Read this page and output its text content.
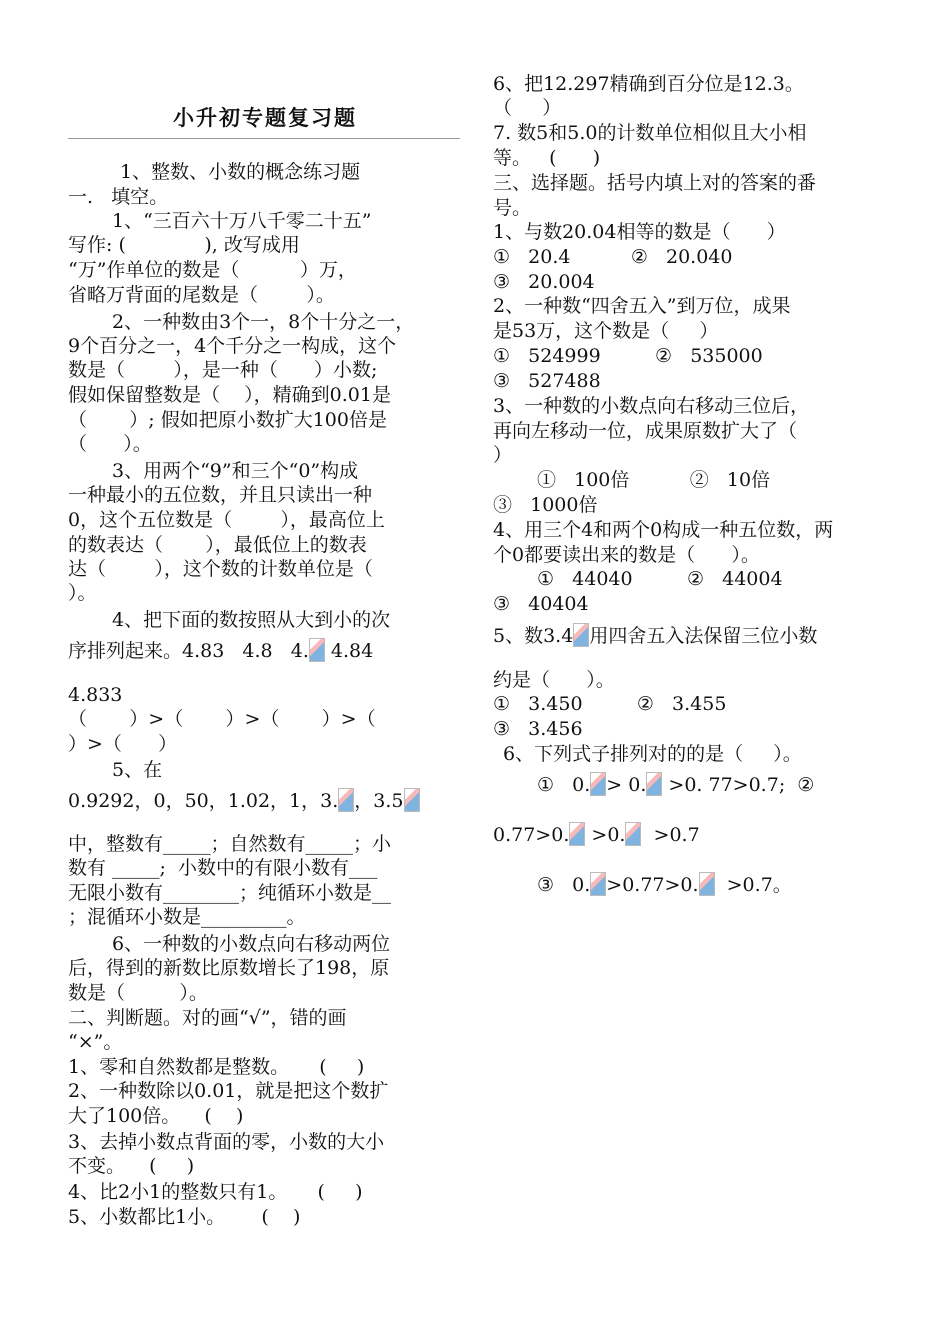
小升初专题复习题
1、整数、小数的概念练习题
一.   填空。
1、“三百六十万八千零二十五”
写作: (             ), 改写成用
“万”作单位的数是（          ）万，
省略万背面的尾数是（        ）。
2、一种数由3个一，8个十分之一，
9个百分之一，4个千分之一构成，这个
数是（        ），是一种（      ）小数;
假如保留整数是（    ），精确到0.01是
（       ）; 假如把原小数扩大100倍是
（      ）。
3、用两个“9”和三个“0”构成
一种最小的五位数，并且只读出一种
0，这个五位数是（        ），最高位上
的数表达（       ），最低位上的数表
达（        ），这个数的计数单位是（
）。
4、把下面的数按照从大到小的次
序排列起来。4.83   4.8   4. 4.84
4.833
（       ）>（       ）>（       ）>（
）>（      ）
5、在
0.9292，0，50，1.02，1，3. ，3.5
中，整数有_____；自然数有_____；小
数有 _____;  小数中的有限小数有___
无限小数有________；纯循环小数是__
；混循环小数是_________。
6、一种数的小数点向右移动两位
后，得到的新数比原数增长了198，原
数是（         ）。
二、判断题。对的画“√”，错的画
“×”。
1、零和自然数都是整数。     (     )
2、一种数除以0.01，就是把这个数扩
大了100倍。    (    )
3、去掉小数点背面的零，小数的大小
不变。    (     )
4、比2小1的整数只有1。     (     )
5、小数都比1小。      (    )
6、把12.297精确到百分位是12.3。
（     ）
7. 数5和5.0的计数单位相似且大小相
等。   (      )
三、选择题。括号内填上对的答案的番
号。
1、与数20.04相等的数是（      ）
①   20.4          ②   20.040
③   20.004
2、一种数“四舍五入”到万位，成果
是53万，这个数是（     ）
①   524999         ②   535000
③   527488
3、一种数的小数点向右移动三位后，
再向左移动一位，成果原数扩大了（
）
①   100倍          ②   10倍
③   1000倍
4、用三个4和两个0构成一种五位数，两
个0都要读出来的数是（      ）。
①   44040         ②   44004
③   40404
5、数3.4 用四舍五入法保留三位小数
约是（      ）。
①   3.450         ②   3.455
③   3.456
6、下列式子排列对的的是（     ）。
①   0. > 0. >0. 77>0.7;  ②
0.77>0. >0.  >0.7
③   0. >0.77>0.  >0.7。
